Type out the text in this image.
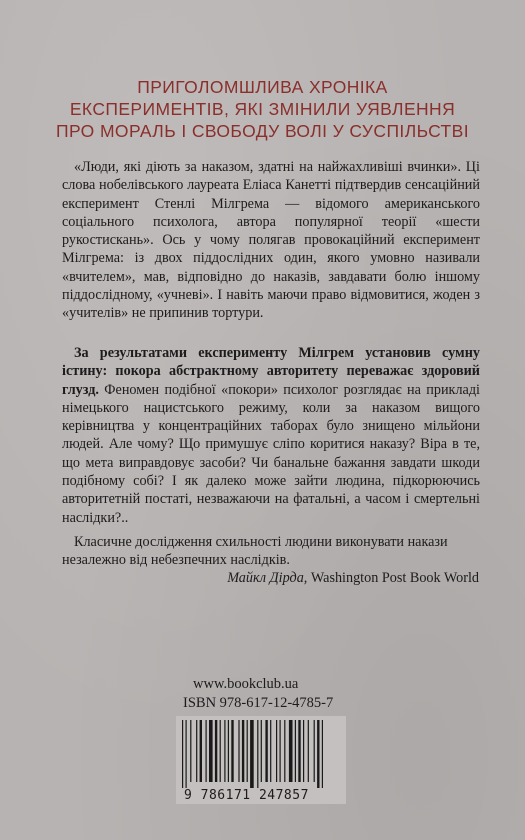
ПРИГОЛОМШЛИВА ХРОНІКА
ЕКСПЕРИМЕНТІВ, ЯКІ ЗМІНИЛИ УЯВЛЕННЯ
ПРО МОРАЛЬ І СВОБОДУ ВОЛІ У СУСПІЛЬСТВІ
«Люди, які діють за наказом, здатні на найжахливіші вчинки». Ці слова нобелівського лауреата Еліаса Канетті підтвердив сенсаційний експеримент Стенлі Мілгрема — відомого американського соціального психолога, автора популярної теорії «шести рукостискань». Ось у чому полягав провокаційний експеримент Мілгрема: із двох піддослідних один, якого умовно називали «вчителем», мав, відповідно до наказів, завдавати болю іншому піддослідному, «учневі». І навіть маючи право відмовитися, жоден з «учителів» не припинив тортури.
За результатами експерименту Мілгрем установив сумну істину: покора абстрактному авторитету переважає здоровий глузд. Феномен подібної «покори» психолог розглядає на прикладі німецького нацистського режиму, коли за наказом вищого керівництва у концентраційних таборах було знищено мільйони людей. Але чому? Що примушує сліпо коритися наказу? Віра в те, що мета виправдовує засоби? Чи банальне бажання завдати шкоди подібному собі? І як далеко може зайти людина, підкорюючись авторитетній постаті, незважаючи на фатальні, а часом і смертельні наслідки?..
Класичне дослідження схильності людини виконувати накази незалежно від небезпечних наслідків.
Майкл Дірда, Washington Post Book World
www.bookclub.ua
ISBN 978-617-12-4785-7
9 786171 247857
